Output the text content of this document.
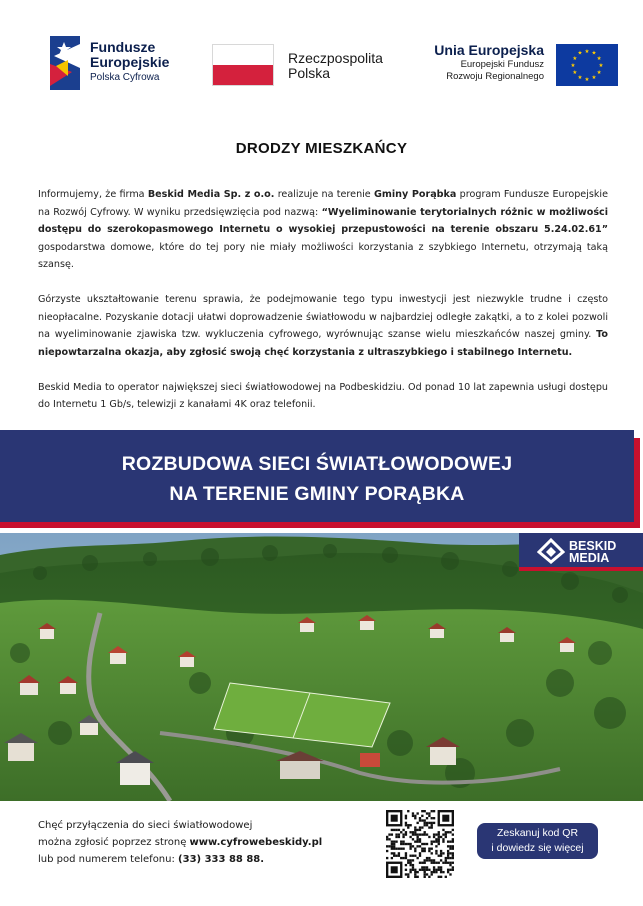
Fundusze
Europejskie
Polska Cyfrowa
Rzeczpospolita
Polska
Unia Europejska
Europejski Fundusz
Rozwoju Regionalnego
★ ★
★
★
★
★
★
★
★
★
★
★
DRODZY MIESZKAŃCY

Informujemy, że firma Beskid Media Sp. z o.o. realizuje na terenie Gminy Porąbka program Fundusze Europejskie na Rozwój Cyfrowy. W wyniku przedsięwzięcia pod nazwą: “Wyeliminowanie terytorialnych różnic w możliwości dostępu do szerokopasmowego Internetu o wysokiej przepustowości na terenie obszaru 5.24.02.61” gospodarstwa domowe, które do tej pory nie miały możliwości korzystania z szybkiego Internetu, otrzymają taką szansę.

Górzyste ukształtowanie terenu sprawia, że podejmowanie tego typu inwestycji jest niezwykle trudne i często nieopłacalne. Pozyskanie dotacji ułatwi doprowadzenie światłowodu w najbardziej odległe zakątki, a to z kolei pozwoli na wyeliminowanie zjawiska tzw. wykluczenia cyfrowego, wyrównując szanse wielu mieszkańców naszej gminy. To niepowtarzalna okazja, aby zgłosić swoją chęć korzystania z ultraszybkiego i stabilnego Internetu.

Beskid Media to operator największej sieci światłowodowej na Podbeskidziu. Od ponad 10 lat zapewnia usługi dostępu do Internetu 1 Gb/s, telewizji z kanałami 4K oraz telefonii.

ROZBUDOWA SIECI ŚWIATŁOWODOWEJ
NA TERENIE GMINY PORĄBKA
BESKID
MEDIA
Chęć przyłączenia do sieci światłowodowej
można zgłosić poprzez stronę www.cyfrowebeskidy.pl
lub pod numerem telefonu: (33) 333 88 88.
Zeskanuj kod QR
i dowiedz się więcej
